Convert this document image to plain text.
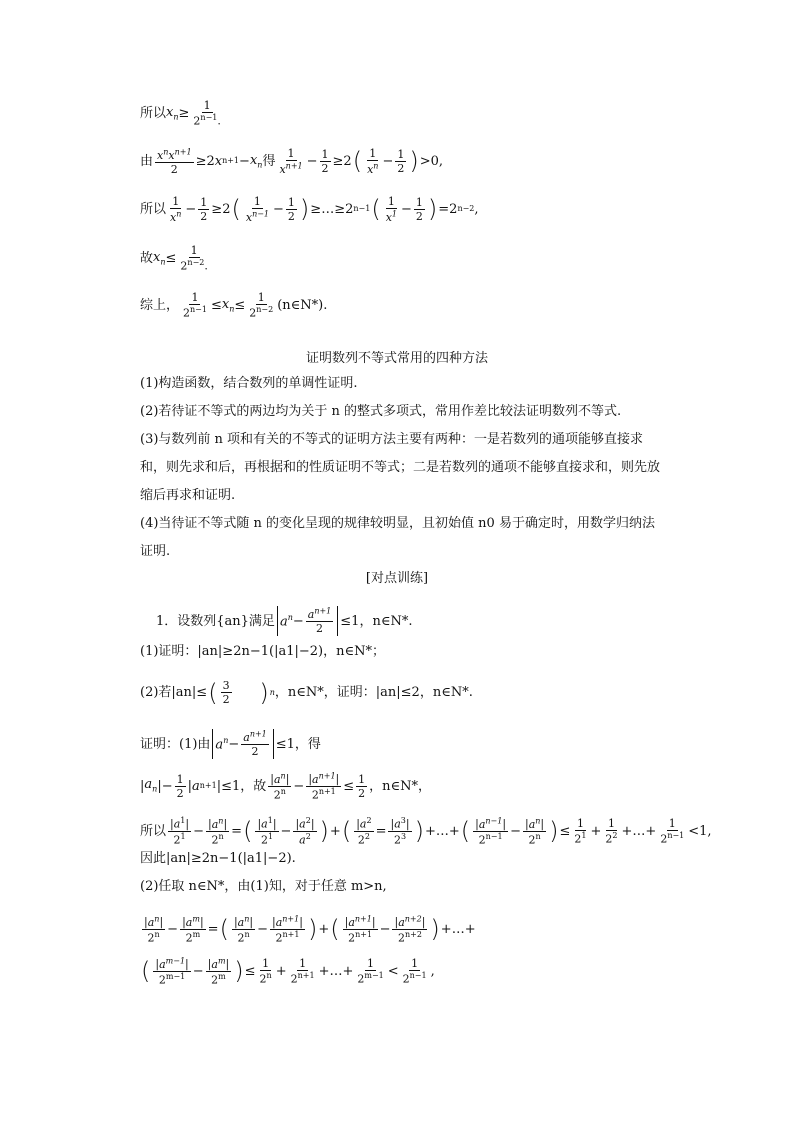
所以 $x_n \ge \frac{1}{2^{n-1}.}$
由 $\frac{x^nx^{n+1}}{2} \ge 2$ x $n+1 - x_n$ 得 $\frac{1}{x^{n+1}} - \frac{1}{2} \ge 2$ ( $\frac{1}{x^n} - \frac{1}{2}$ ) >0,
所以 $\frac{1}{x^n} - \frac{1}{2} \ge 2$ ( $\frac{1}{x^{n-1}} - \frac{1}{2}$ ) ≥…≥2 n−1 ( $\frac{1}{x^1} - \frac{1}{2}$ ) =2 n−2 ,
故 $x_n \le \frac{1}{2^{n-2}.}$
综上， $\frac{1}{2^{n-1}} \le x_n \le \frac{1}{2^{n-2}}$ (n∈N*).
证明数列不等式常用的四种方法
(1)构造函数，结合数列的单调性证明.
(2)若待证不等式的两边均为关于 n 的整式多项式，常用作差比较法证明数列不等式.
(3)与数列前 n 项和有关的不等式的证明方法主要有两种：一是若数列的通项能够直接求
和，则先求和后，再根据和的性质证明不等式；二是若数列的通项不能够直接求和，则先放
缩后再求和证明.
(4)当待证不等式随 n 的变化呈现的规律较明显，且初始值 n0 易于确定时，用数学归纳法
证明.
[对点训练]
1．设数列{an}满足 $a^n - \frac{a^{n+1}}{2} \le 1$，n∈N*.
(1)证明：|an|≥2n−1(|a1|−2)，n∈N*；
(2)若|an|≤ ( $\frac{3}{2}$
) n ，n∈N*，证明：|an|≤2，n∈N*.
证明：(1)由 $a^n - \frac{a^{n+1}}{2} \le 1$，得
| $a_n$ |− $\frac{1}{2}$ | a n+1 |≤1，故 $\frac{|a^n|}{2^n} - \frac{|a^{n+1}|}{2^{n+1}} \le \frac{1}{2}$ ，n∈N*，
所以 $\frac{|a^1|}{2^1} - \frac{|a^n|}{2^n}$ = ( $\frac{|a^1|}{2^1} - \frac{|a^2|}{a^2}$ ) + ( $\frac{|a^2}{2^2} = \frac{|a^3|}{2^3}$ ) +…+ ( $\frac{|a^{n-1}|}{2^{n-1}} - \frac{|a^n|}{2^n}$ ) ≤ $\frac{1}{2^1} + \frac{1}{2^2}$ +…+ $\frac{1}{2^{n-1}} <1$,
因此|an|≥2n−1(|a1|−2).
(2)任取 n∈N*，由(1)知，对于任意 m>n,
$\frac{|a^n|}{2^n} - \frac{|a^m|}{2^m}$ = ( $\frac{|a^n|}{2^n} - \frac{|a^{n+1}|}{2^{n+1}}$ ) + ( $\frac{|a^{n+1}|}{2^{n+1}} - \frac{|a^{n+2}|}{2^{n+2}}$ ) +…+
( $\frac{|a^{m-1}|}{2^{m-1}} - \frac{|a^m|}{2^m}$ ) ≤ $\frac{1}{2^n} + \frac{1}{2^{n+1}}$ +…+ $\frac{1}{2^{m-1}} < \frac{1}{2^{n-1}}$ ,
